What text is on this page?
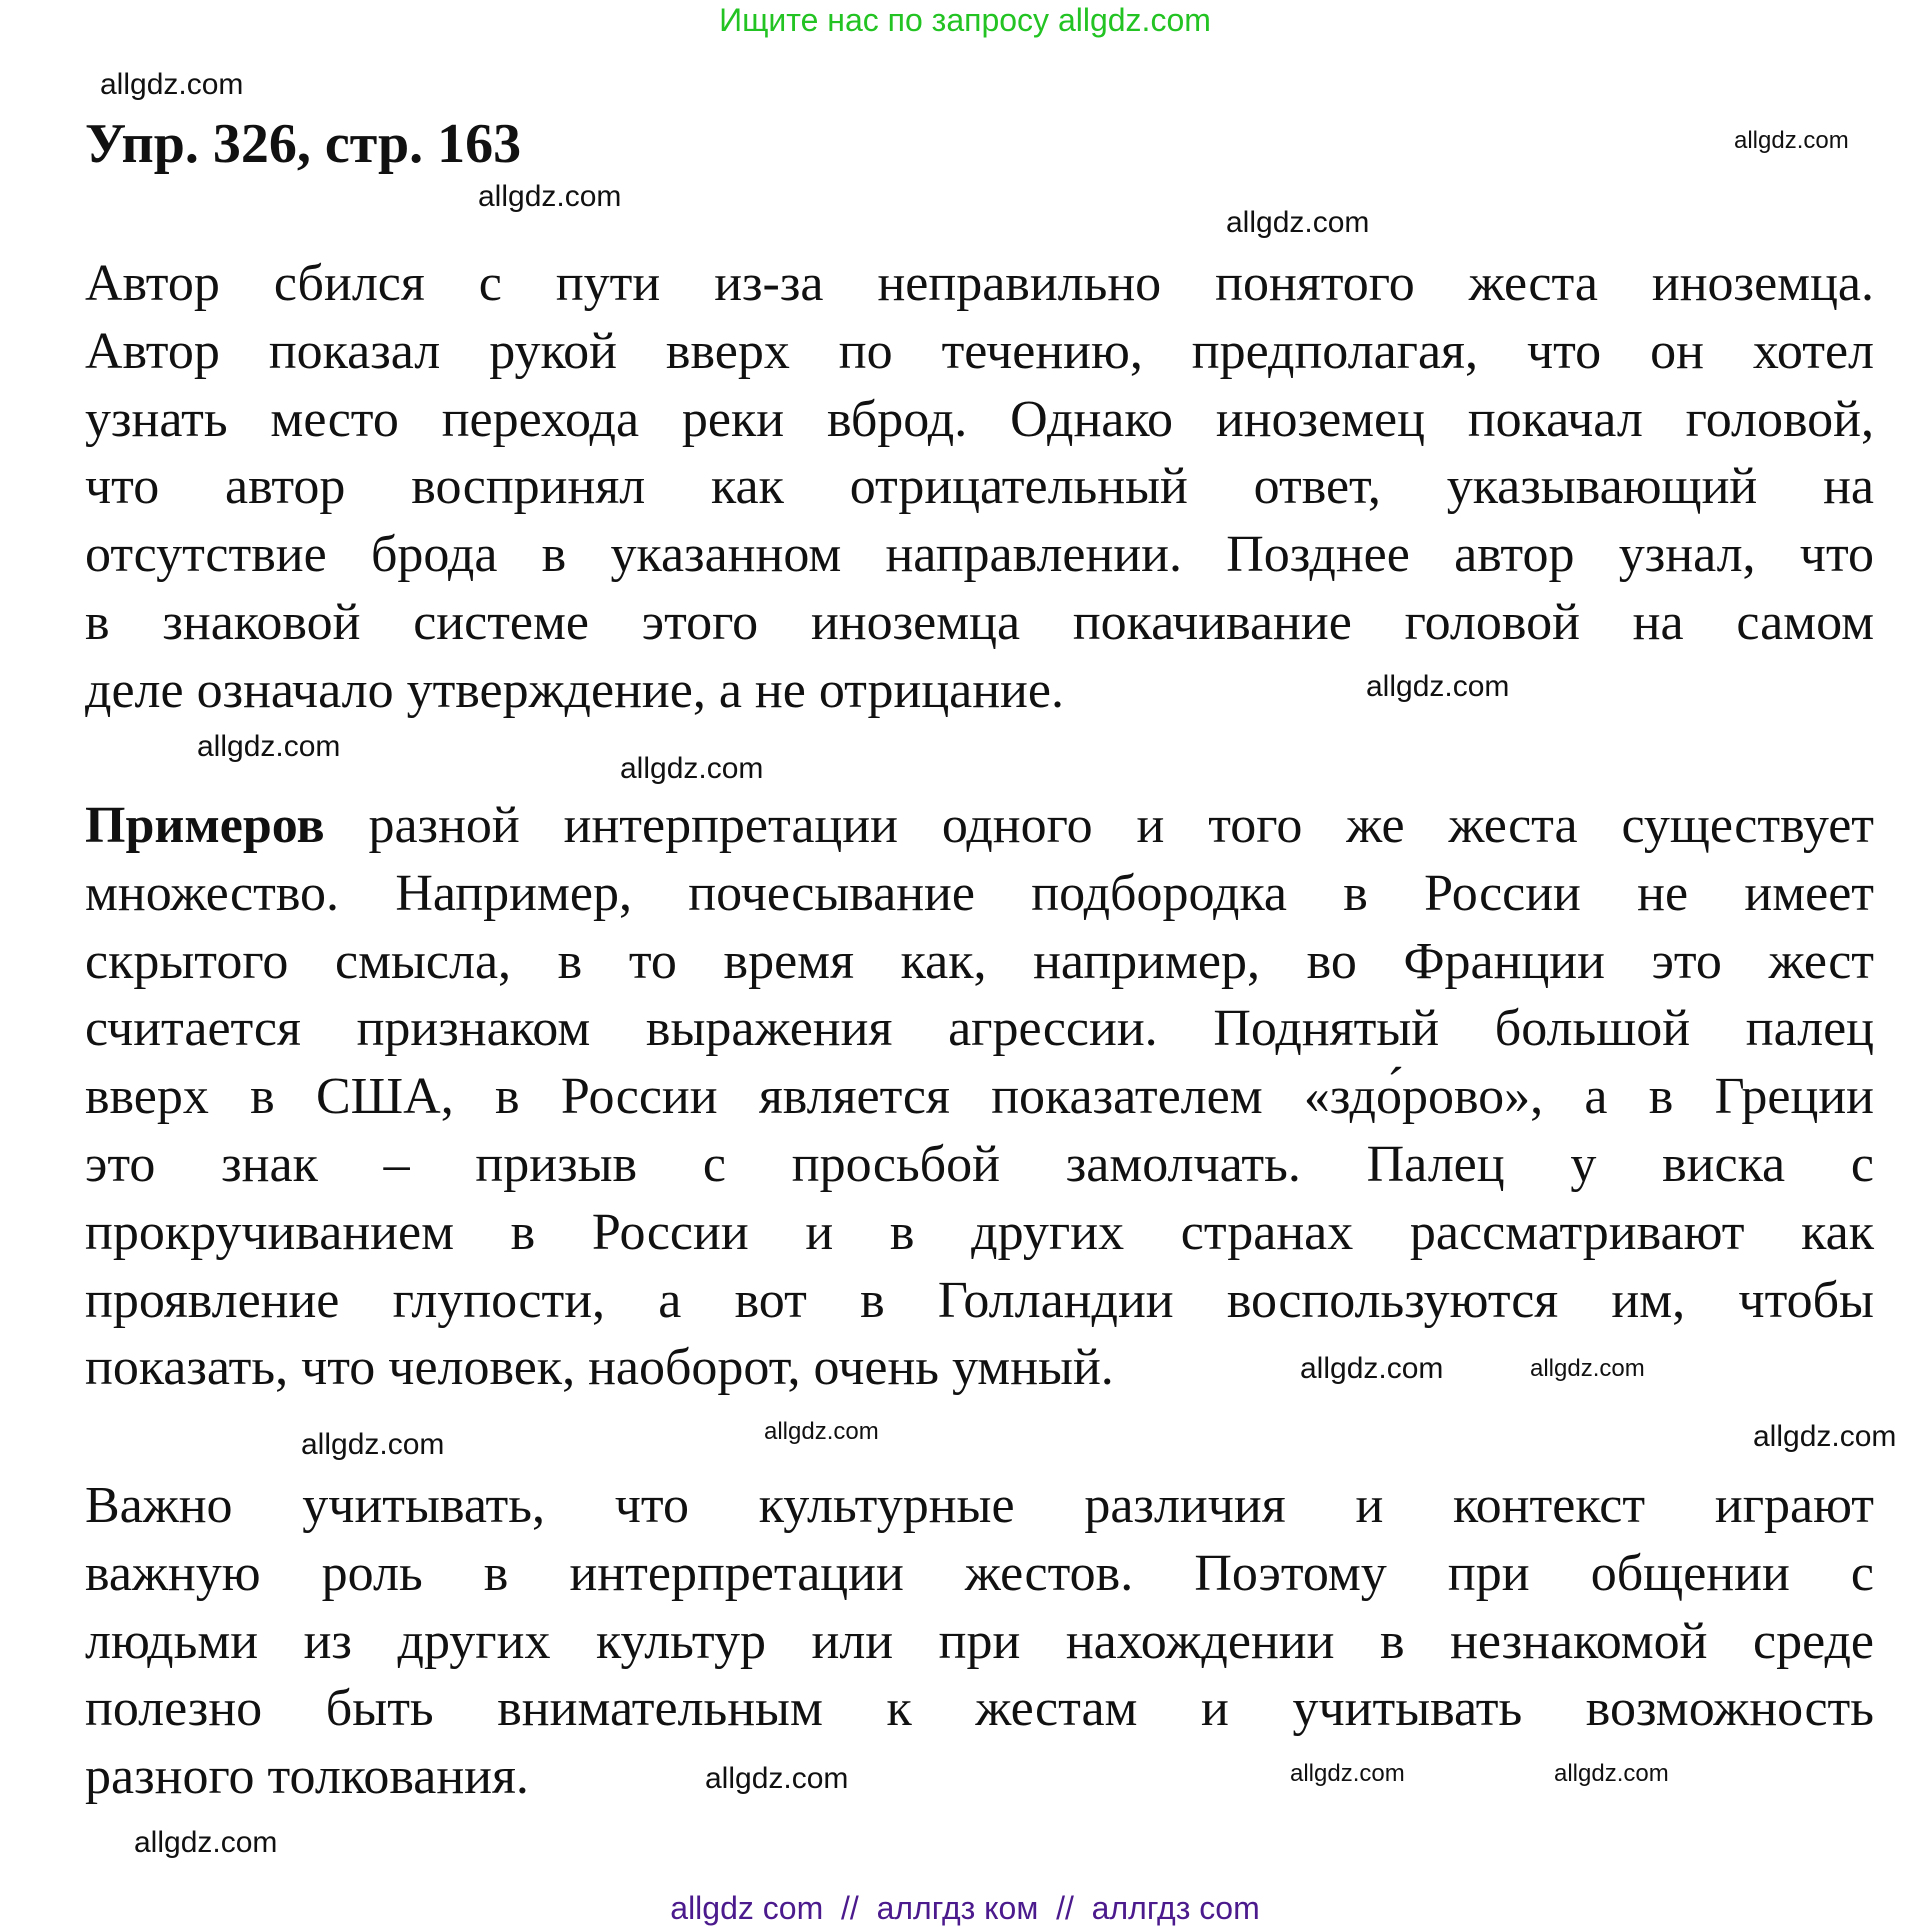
Ищите нас по запросу allgdz.com
Упр. 326, стр. 163
Автор сбился с пути из-за неправильно понятого жеста иноземца.
Автор показал рукой вверх по течению, предполагая, что он хотел
узнать место перехода реки вброд. Однако иноземец покачал головой,
что автор воспринял как отрицательный ответ, указывающий на
отсутствие брода в указанном направлении. Позднее автор узнал, что
в знаковой системе этого иноземца покачивание головой на самом
деле означало утверждение, а не отрицание.
Примеров разной интерпретации одного и того же жеста существует
множество. Например, почесывание подбородка в России не имеет
скрытого смысла, в то время как, например, во Франции это жест
считается признаком выражения агрессии. Поднятый большой палец
вверх в США, в России является показателем «здо́рово», а в Греции
это знак – призыв с просьбой замолчать. Палец у виска с
прокручиванием в России и в других странах рассматривают как
проявление глупости, а вот в Голландии воспользуются им, чтобы
показать, что человек, наоборот, очень умный.
Важно учитывать, что культурные различия и контекст играют
важную роль в интерпретации жестов. Поэтому при общении с
людьми из других культур или при нахождении в незнакомой среде
полезно быть внимательным к жестам и учитывать возможность
разного толкования.
allgdz.com
allgdz.com
allgdz.com
allgdz.com
allgdz.com
allgdz.com
allgdz.com
allgdz.com
allgdz.com
allgdz.com
allgdz.com
allgdz.com
allgdz.com
allgdz.com
allgdz.com
allgdz.com
allgdz com  //  аллгдз ком  //  аллгдз com
